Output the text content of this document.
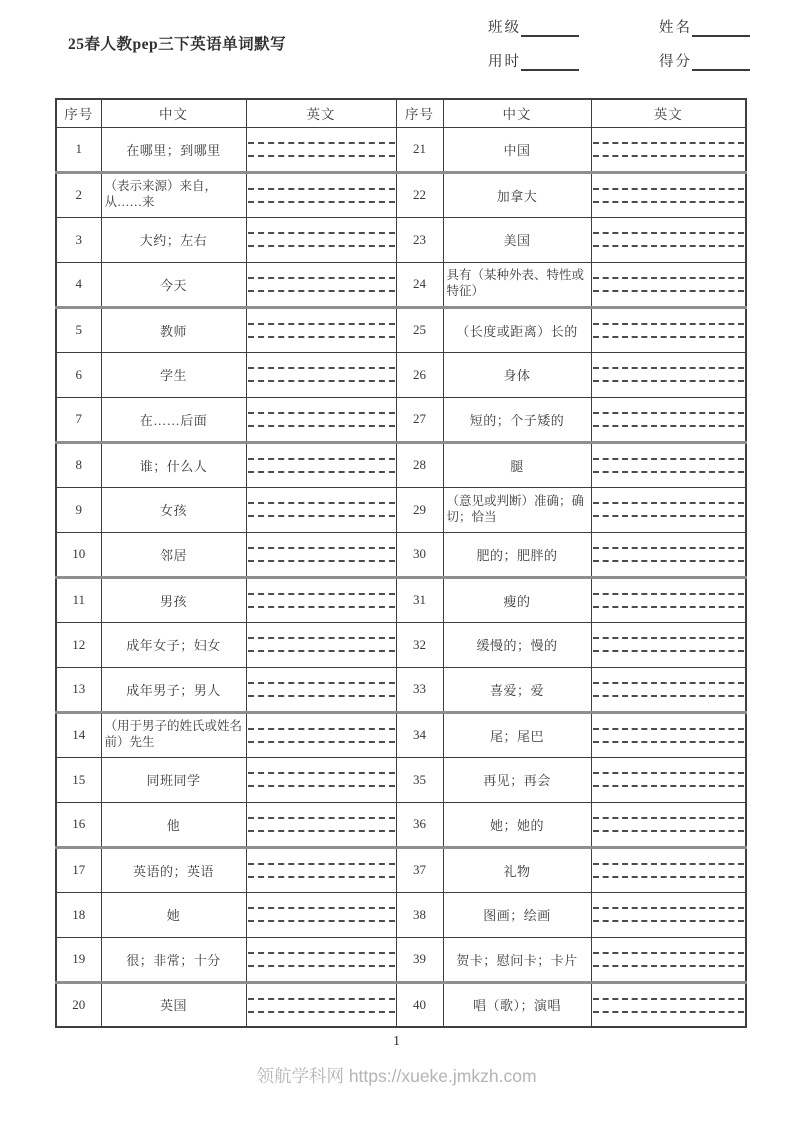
25春人教pep三下英语单词默写
班级	姓名
用时	得分
序号	中文	英文	序号	中文	英文
1	在哪里；到哪里		21	中国	

2	（表示来源）来自，从……来		22	加拿大	

3	大约；左右		23	美国	

4	今天		24	具有（某种外表、特性或特征）	

5	教师		25	（长度或距离）长的	

6	学生		26	身体	

7	在……后面		27	短的；个子矮的	

8	谁；什么人		28	腿	

9	女孩		29	（意见或判断）准确；确切；恰当	

10	邻居		30	肥的；肥胖的	

11	男孩		31	瘦的	

12	成年女子；妇女		32	缓慢的；慢的	

13	成年男子；男人		33	喜爱；爱	

14	（用于男子的姓氏或姓名前）先生		34	尾；尾巴	

15	同班同学		35	再见；再会	

16	他		36	她；她的	

17	英语的；英语		37	礼物	

18	她		38	图画；绘画	

19	很；非常；十分		39	贺卡；慰问卡；卡片	

20	英国		40	唱（歌）；演唱	
1
领航学科网 https://xueke.jmkzh.com
